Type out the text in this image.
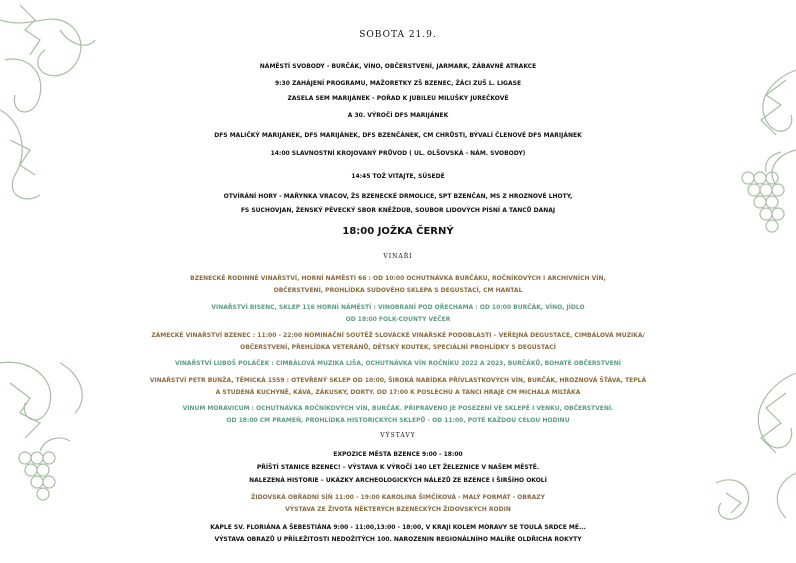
SOBOTA 21.9.
NÁMĚSTÍ SVOBODY - BURČÁK, VÍNO, OBČERSTVENÍ, JARMARK, ZÁBAVNÉ ATRAKCE
9:30 ZAHÁJENÍ PROGRAMU, MAŽORETKY ZŠ BZENEC, ŽÁCI ZUŠ L. LIGASE
ZASELA SEM MARIJÁNEK - POŘAD K JUBILEU MILUŠKY JUREČKOVÉ
A 30. VÝROČÍ DFS MARIJÁNEK
DFS MALIČKÝ MARIJÁNEK, DFS MARIJÁNEK, DFS BZENČÁNEK, CM CHRŮSTI, BÝVALÍ ČLENOVÉ DFS MARIJÁNEK
14:00 SLAVNOSTNÍ KROJOVANÝ PRŮVOD ( UL. OLŠOVSKÁ - NÁM. SVOBODY)
14:45 TOŽ VITAJTE, SÚSEDÉ
OTVÍRÁNÍ HORY - MAŘYNKA VRACOV, ŽS BZENECKÉ DRMOLICE, SPT BZENČAN, MS Z HROZNOVÉ LHOTY,
FS SUCHOVJAN, ŽENSKÝ PĚVECKÝ SBOR KNĚŽDUB, SOUBOR LIDOVÝCH PÍSNÍ A TANCŮ DANAJ
18:00 JOŽKA ČERNÝ
VINAŘI
BZENECKÉ RODINNÉ VINAŘSTVÍ, HORNÍ NÁMĚSTÍ 66 : OD 10:00 OCHUTNÁVKA BURČÁKU, ROČNÍKOVÝCH I ARCHIVNÍCH VÍN,
OBČERSTVENÍ, PROHLÍDKA SUDOVÉHO SKLEPA S DEGUSTACÍ, CM HANTAL
VINAŘSTVÍ BISENC, SKLEP 116 HORNÍ NÁMĚSTÍ : VINOBRANÍ POD OŘECHAMA : OD 10:00 BURČÁK, VÍNO, JÍDLO
OD 18:00 FOLK-COUNTY VEČER
ZÁMECKÉ VINAŘSTVÍ BZENEC : 11:00 - 22:00 NOMINAČNÍ SOUTĚŽ SLOVÁCKÉ VINAŘSKÉ PODOBLASTI – VEŘEJNÁ DEGUSTACE, CIMBÁLOVÁ MUZIKA/
OBČERSTVENÍ, PŘEHLÍDKA VETERÁNŮ, DĚTSKÝ KOUTEK, SPECIÁLNÍ PROHLÍDKY S DEGUSTACÍ
VINAŘSTVÍ LUBOŠ POLÁČEK : CIMBÁLOVÁ MUZIKA LIŠA, OCHUTNÁVKA VÍN ROČNÍKU 2022 A 2023, BURČÁKŮ, BOHATÉ OBČERSTVENÍ
VINAŘSTVÍ PETR BUNŽA, TĚMICKÁ 1559 : OTEVŘENÝ SKLEP OD 10:00, ŠIROKÁ NABÍDKA PŘÍVLASTKOVÝCH VÍN, BURČÁK, HROZNOVÁ ŠŤÁVA, TEPLÁ
A STUDENÁ KUCHYNĚ, KÁVA, ZÁKUSKY, DORTY. OD 17:00 K POSLECHU A TANCI HRAJE CM MICHALA MILTÁKA
VINUM MORAVICUM : OCHUTNÁVKA ROČNÍKOVÝCH VÍN, BURČÁK. PŘIPRAVENO JE POSEZENÍ VE SKLEPĚ I VENKU, OBČERSTVENÍ.
OD 18:00 CM PRAMEŇ, PROHLÍDKA HISTORICKÝCH SKLEPŮ - OD 11:00, POTÉ KAŽDOU CELOU HODINU
VÝSTAVY
EXPOZICE MĚSTA BZENCE 9:00 - 18:00
PŘÍŠTÍ STANICE BZENEC! – VÝSTAVA K VÝROČÍ 140 LET ŽELEZNICE V NAŠEM MĚSTĚ.
NALEZENÁ HISTORIE – UKÁZKY ARCHEOLOGICKÝCH NÁLEZŮ ZE BZENCE I ŠIRŠÍHO OKOLÍ
ŽIDOVSKÁ OBŘADNÍ SÍŇ 11:00 - 19:00 KAROLINA ŠIMČÍKOVÁ - MALÝ FORMÁT - OBRAZY
VÝSTAVA ZE ŽIVOTA NĚKTERÝCH BZENECKÝCH ŽIDOVSKÝCH RODIN
KAPLE SV. FLORIÁNA A ŠEBESTIÁNA 9:00 - 11:00,13:00 - 18:00, V KRAJI KOLEM MORAVY SE TOULÁ SRDCE MÉ...
VÝSTAVA OBRAZŮ U PŘÍLEŽITOSTI NEDOŽITÝCH 100. NAROZENIN REGIONÁLNÍHO MALÍŘE OLDŘICHA ROKYTY
